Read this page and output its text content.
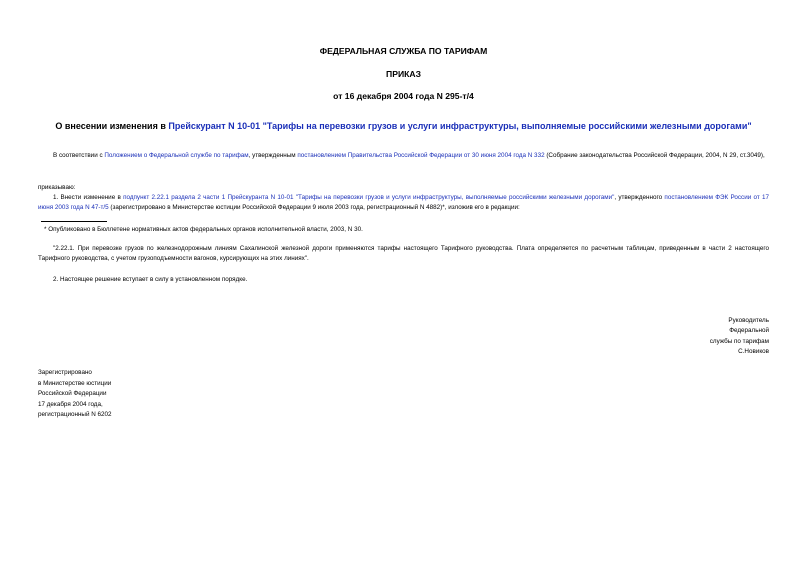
ФЕДЕРАЛЬНАЯ СЛУЖБА ПО ТАРИФАМ
ПРИКАЗ
от 16 декабря 2004 года N 295-т/4
О внесении изменения в Прейскурант N 10-01 "Тарифы на перевозки грузов и услуги инфраструктуры, выполняемые российскими железными дорогами"
В соответствии с Положением о Федеральной службе по тарифам, утвержденным постановлением Правительства Российской Федерации от 30 июня 2004 года N 332 (Собрание законодательства Российской Федерации, 2004, N 29, ст.3049),
приказываю:
1. Внести изменение в подпункт 2.22.1 раздела 2 части 1 Прейскуранта N 10-01 "Тарифы на перевозки грузов и услуги инфраструктуры, выполняемые российскими железными дорогами", утвержденного постановлением ФЭК России от 17 июня 2003 года N 47-т/5 (зарегистрировано в Министерстве юстиции Российской Федерации 9 июля 2003 года, регистрационный N 4882)*, изложив его в редакции:
* Опубликовано в Бюллетене нормативных актов федеральных органов исполнительной власти, 2003, N 30.
"2.22.1. При перевозке грузов по железнодорожным линиям Сахалинской железной дороги применяются тарифы настоящего Тарифного руководства. Плата определяется по расчетным таблицам, приведенным в части 2 настоящего Тарифного руководства, с учетом грузоподъемности вагонов, курсирующих на этих линиях".
2. Настоящее решение вступает в силу в установленном порядке.
Руководитель
Федеральной
службы по тарифам
С.Новиков
Зарегистрировано
в Министерстве юстиции
Российской Федерации
17 декабря 2004 года,
регистрационный N 6202
